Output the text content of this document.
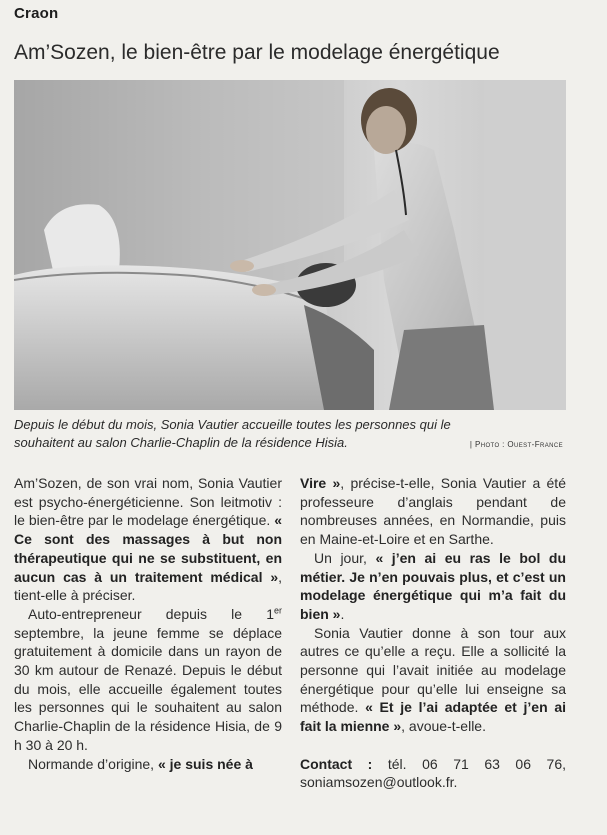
Craon
Am’Sozen, le bien-être par le modelage énergétique

Depuis le début du mois, Sonia Vautier accueille toutes les personnes qui le

souhaitent au salon Charlie-Chaplin de la résidence Hisia.	| Photo : Ouest-France

Am’Sozen, de son vrai nom, Sonia Vautier est psycho-énergéticienne. Son leitmotiv : le bien-être par le modelage énergétique. « Ce sont des massages à but non thérapeutique qui ne se substituent, en aucun cas à un traitement médical », tient-elle à préciser.

Auto-entrepreneur depuis le 1er septembre, la jeune femme se déplace gratuitement à domicile dans un rayon de 30 km autour de Renazé. Depuis le début du mois, elle accueille également toutes les personnes qui le souhaitent au salon Charlie-Chaplin de la résidence Hisia, de 9 h 30 à 20 h.

Normande d’origine, « je suis née à

Vire », précise-t-elle, Sonia Vautier a été professeure d’anglais pendant de nombreuses années, en Normandie, puis en Maine-et-Loire et en Sarthe.

Un jour, « j’en ai eu ras le bol du métier. Je n’en pouvais plus, et c’est un modelage énergétique qui m’a fait du bien ».

Sonia Vautier donne à son tour aux autres ce qu’elle a reçu. Elle a sollicité la personne qui l’avait initiée au modelage énergétique pour qu’elle lui enseigne sa méthode. « Et je l’ai adaptée et j’en ai fait la mienne », avoue-t-elle.

Contact : tél. 06 71 63 06 76, soniamsozen@outlook.fr.
